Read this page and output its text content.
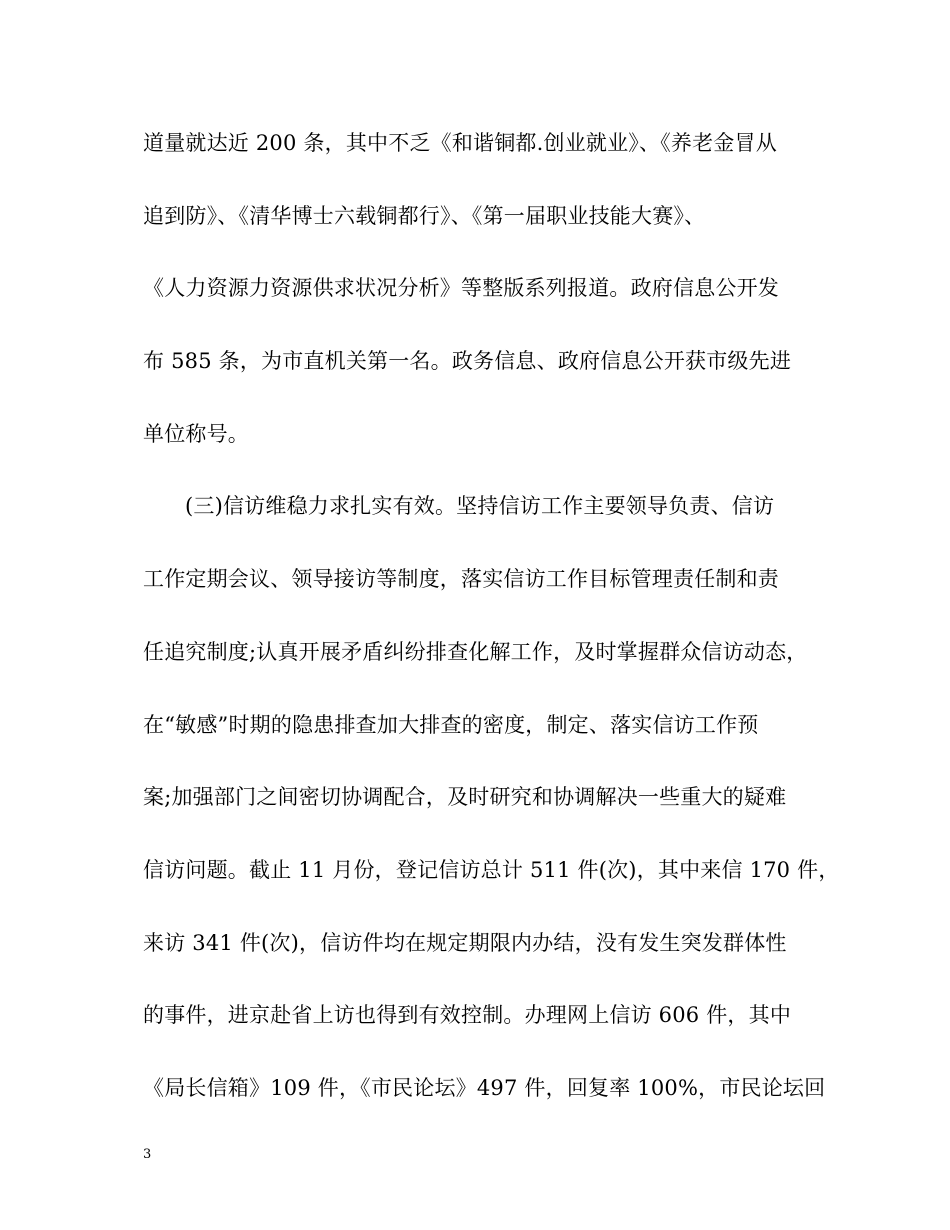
道量就达近 200 条，其中不乏《和谐铜都.创业就业》、《养老金冒从
追到防》、《清华博士六载铜都行》、《第一届职业技能大赛》、
《人力资源力资源供求状况分析》等整版系列报道。政府信息公开发
布 585 条，为市直机关第一名。政务信息、政府信息公开获市级先进
单位称号。
(三)信访维稳力求扎实有效。坚持信访工作主要领导负责、信访
工作定期会议、领导接访等制度，落实信访工作目标管理责任制和责
任追究制度;认真开展矛盾纠纷排查化解工作，及时掌握群众信访动态，
在“敏感”时期的隐患排查加大排查的密度，制定、落实信访工作预
案;加强部门之间密切协调配合，及时研究和协调解决一些重大的疑难
信访问题。截止 11 月份，登记信访总计 511 件(次)，其中来信 170 件，
来访 341 件(次)，信访件均在规定期限内办结，没有发生突发群体性
的事件，进京赴省上访也得到有效控制。办理网上信访 606 件，其中
《局长信箱》109 件，《市民论坛》497 件，回复率 100%，市民论坛回
3
